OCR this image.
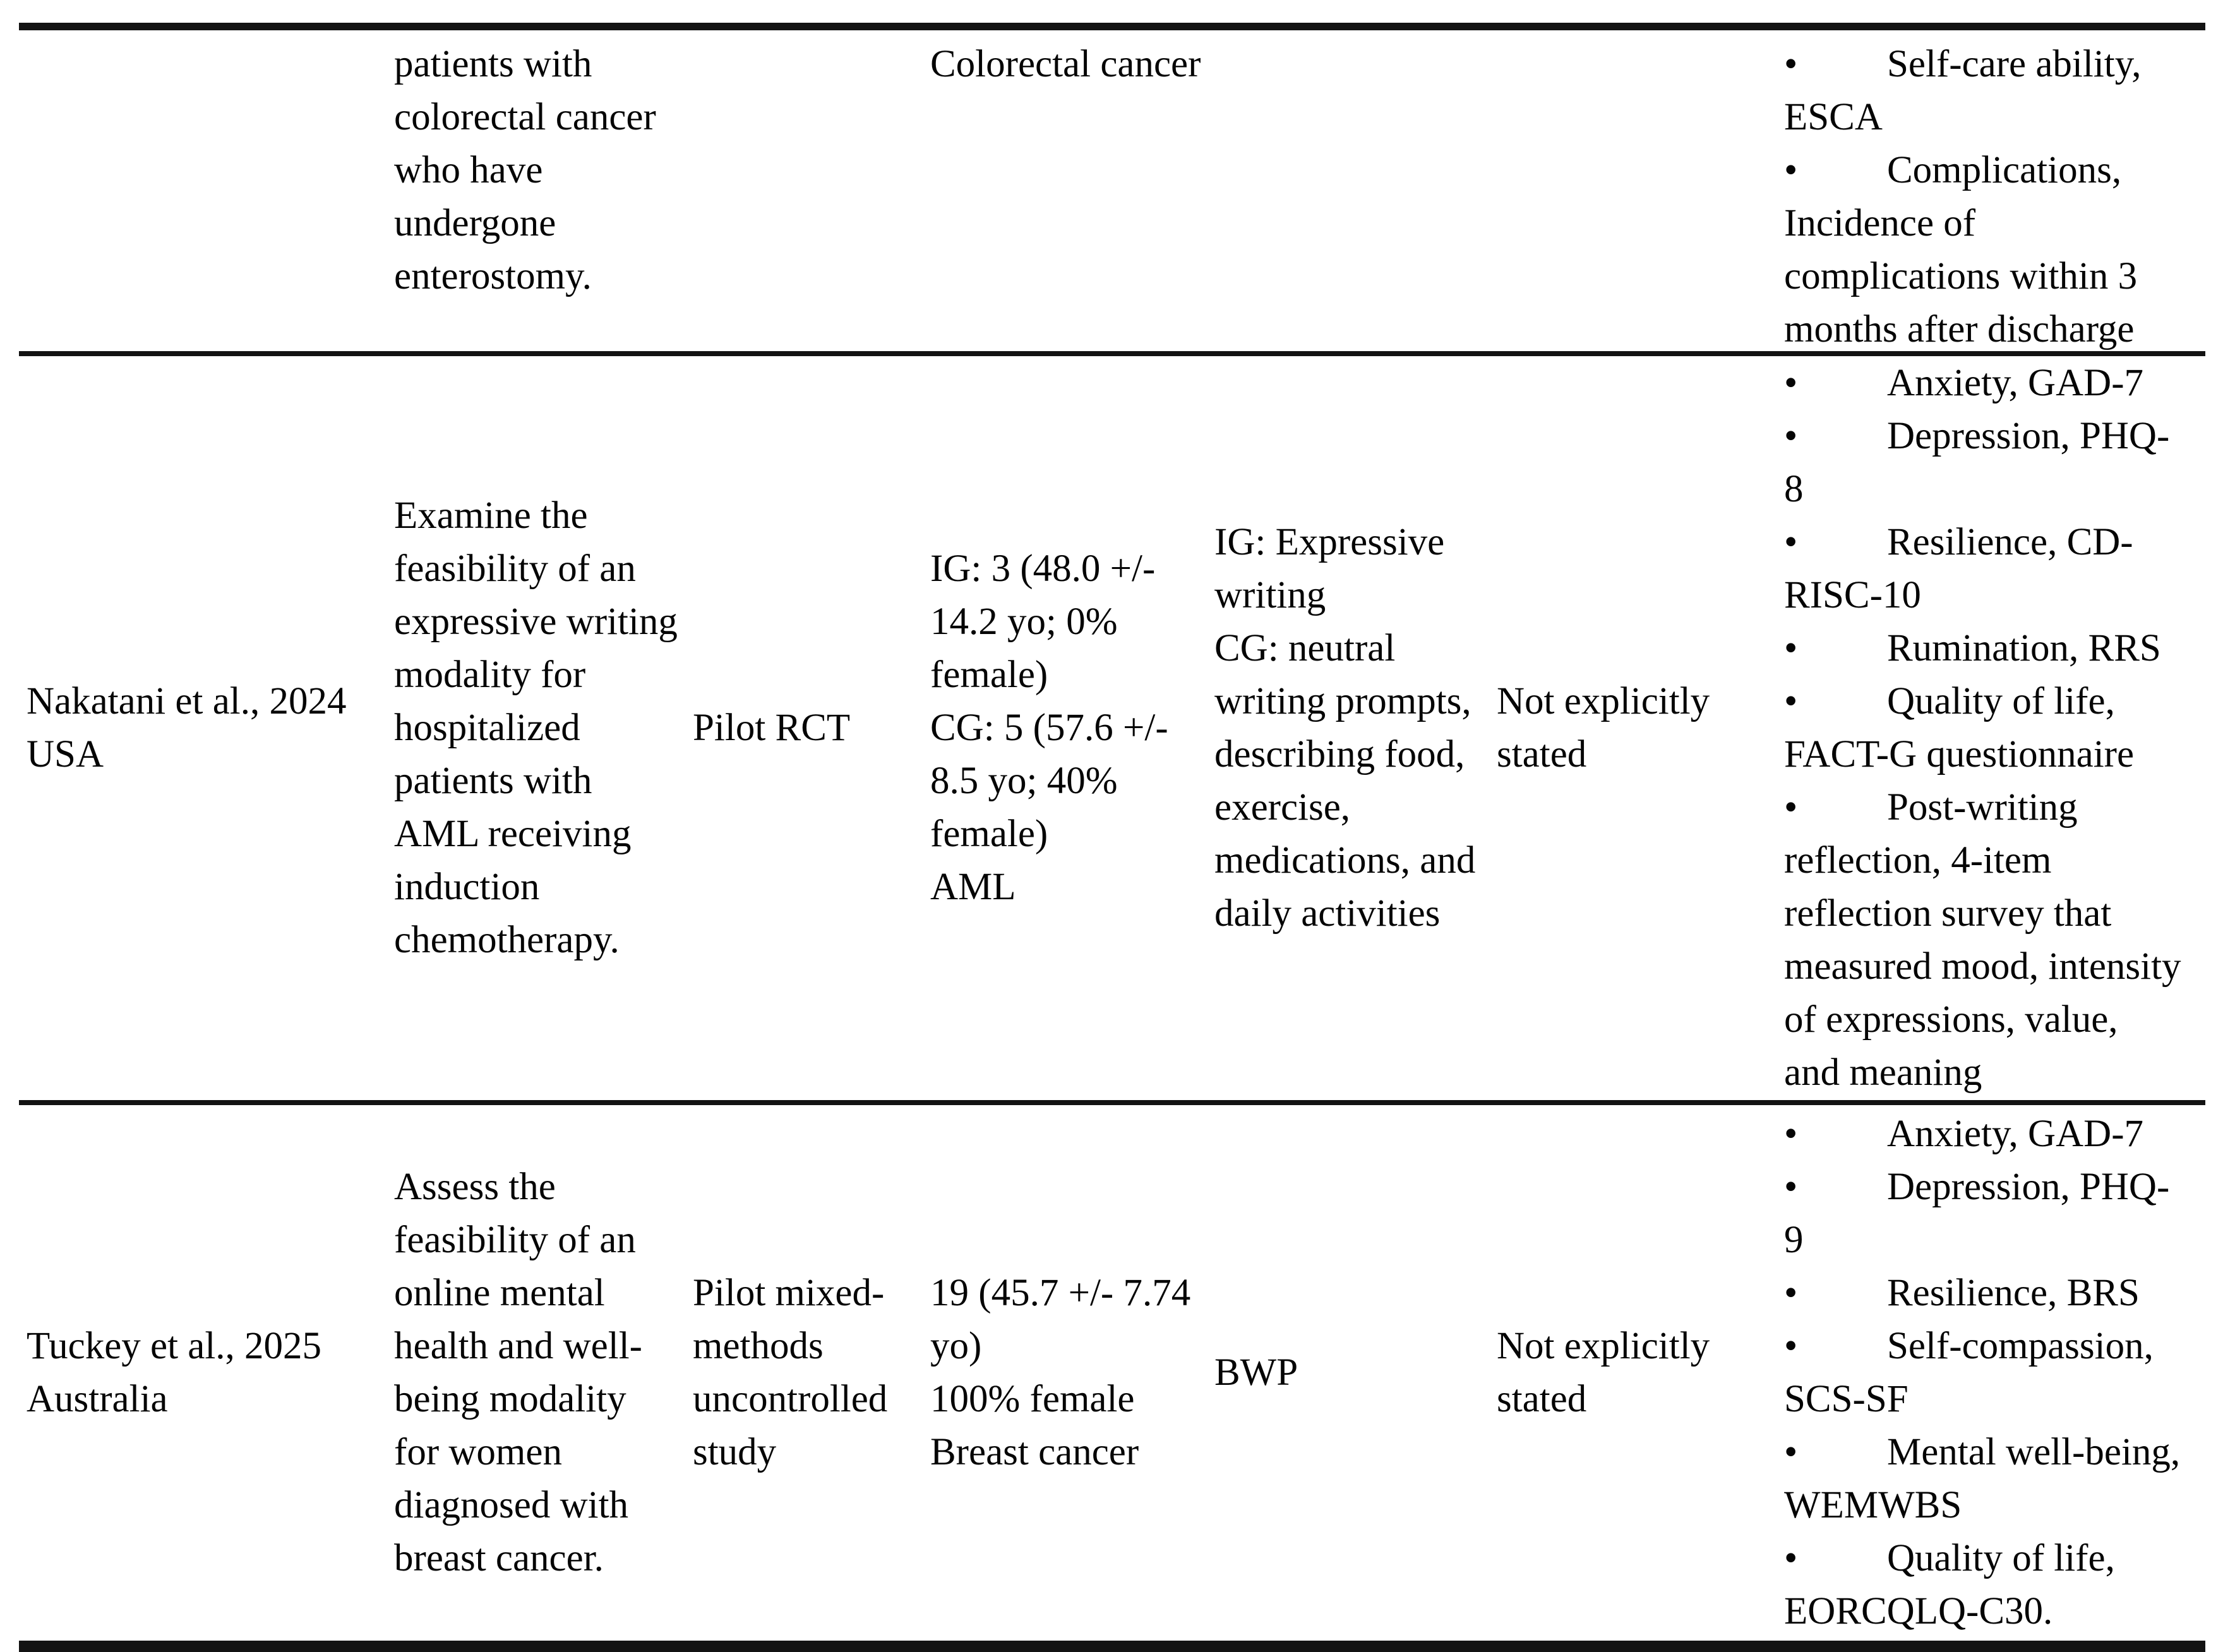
patients with colorectal cancer who have undergone enterostomy.

Colorectal cancer •	Self-care ability, ESCA

•Complications, Incidence of complications within 3 months after discharge

Nakatani et al., 2024

USA

Examine the feasibility of an expressive writing modality for hospitalized patients with AML receiving induction chemotherapy.

Pilot RCT

IG: 3 (48.0 +/- 14.2 yo; 0% female)

CG: 5 (57.6 +/- 8.5 yo; 40% female)

AML

IG: Expressive writing

CG: neutral writing prompts, describing food, exercise, medications, and daily activities

Not explicitly stated

•Anxiety, GAD-7

•Depression, PHQ-8

•Resilience, CD-RISC-10

•Rumination, RRS

•Quality of life, FACT-G questionnaire

•Post-writing reflection, 4-item reflection survey that measured mood, intensity of expressions, value, and meaning

Tuckey et al., 2025

Australia

Assess the feasibility of an online mental health and well-being modality for women diagnosed with breast cancer.

Pilot mixed-methods uncontrolled study

19 (45.7 +/- 7.74 yo)

100% female

Breast cancer

BWP

Not explicitly stated

•Anxiety, GAD-7

•Depression, PHQ-9

•Resilience, BRS

•Self-compassion, SCS-SF

•Mental well-being, WEMWBS

•Quality of life, EORCQLQ-C30.
